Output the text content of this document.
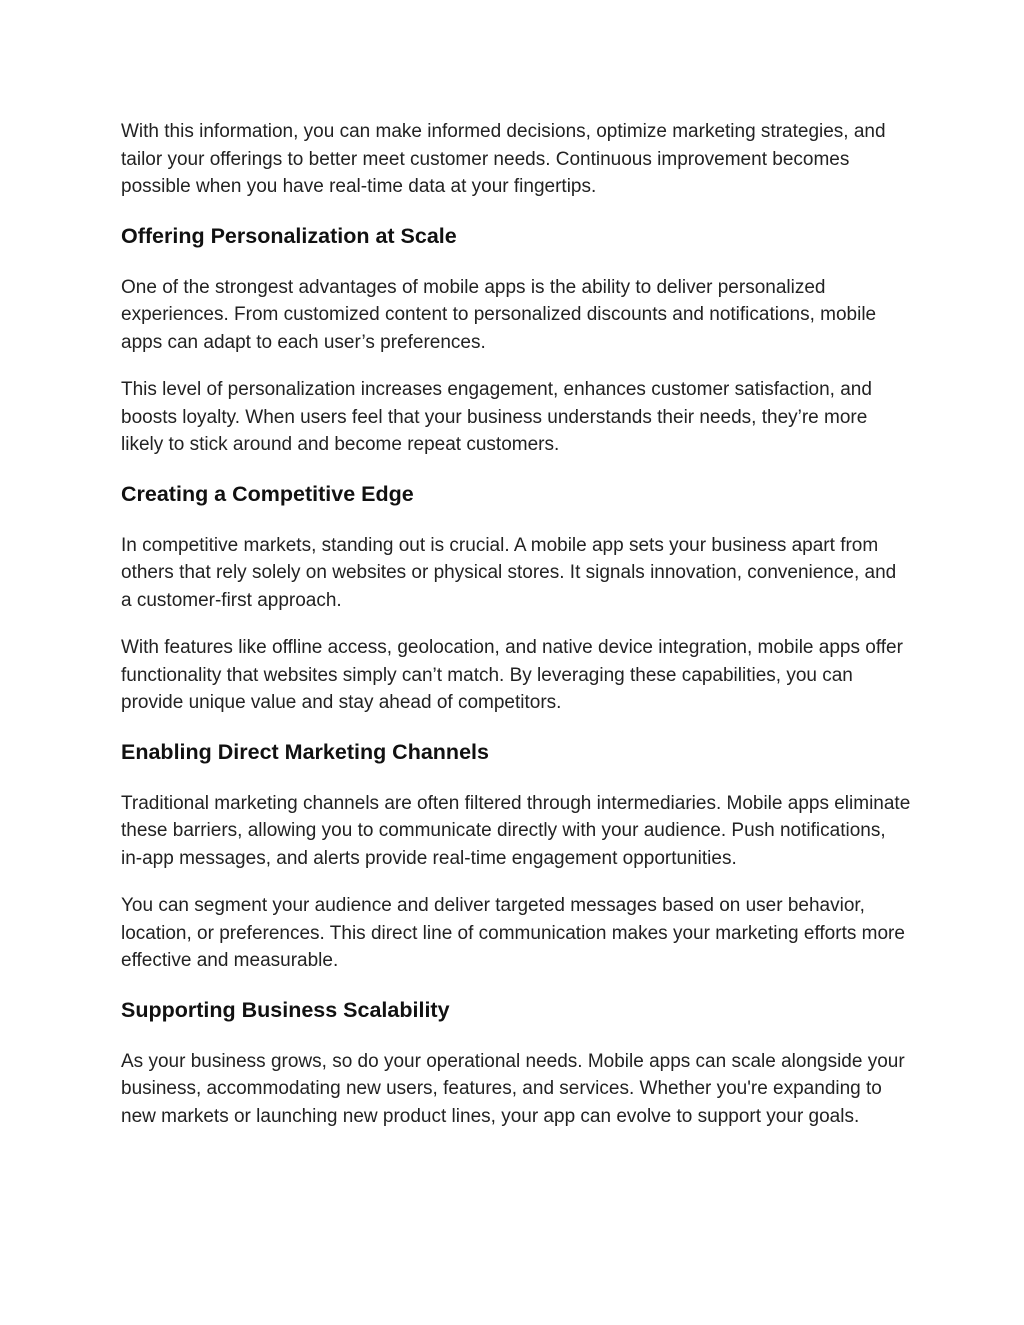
With this information, you can make informed decisions, optimize marketing strategies, and tailor your offerings to better meet customer needs. Continuous improvement becomes possible when you have real-time data at your fingertips.

Offering Personalization at Scale

One of the strongest advantages of mobile apps is the ability to deliver personalized experiences. From customized content to personalized discounts and notifications, mobile apps can adapt to each user’s preferences.

This level of personalization increases engagement, enhances customer satisfaction, and boosts loyalty. When users feel that your business understands their needs, they’re more likely to stick around and become repeat customers.

Creating a Competitive Edge

In competitive markets, standing out is crucial. A mobile app sets your business apart from others that rely solely on websites or physical stores. It signals innovation, convenience, and a customer-first approach.

With features like offline access, geolocation, and native device integration, mobile apps offer functionality that websites simply can’t match. By leveraging these capabilities, you can provide unique value and stay ahead of competitors.

Enabling Direct Marketing Channels

Traditional marketing channels are often filtered through intermediaries. Mobile apps eliminate these barriers, allowing you to communicate directly with your audience. Push notifications, in-app messages, and alerts provide real-time engagement opportunities.

You can segment your audience and deliver targeted messages based on user behavior, location, or preferences. This direct line of communication makes your marketing efforts more effective and measurable.

Supporting Business Scalability

As your business grows, so do your operational needs. Mobile apps can scale alongside your business, accommodating new users, features, and services. Whether you're expanding to new markets or launching new product lines, your app can evolve to support your goals.
